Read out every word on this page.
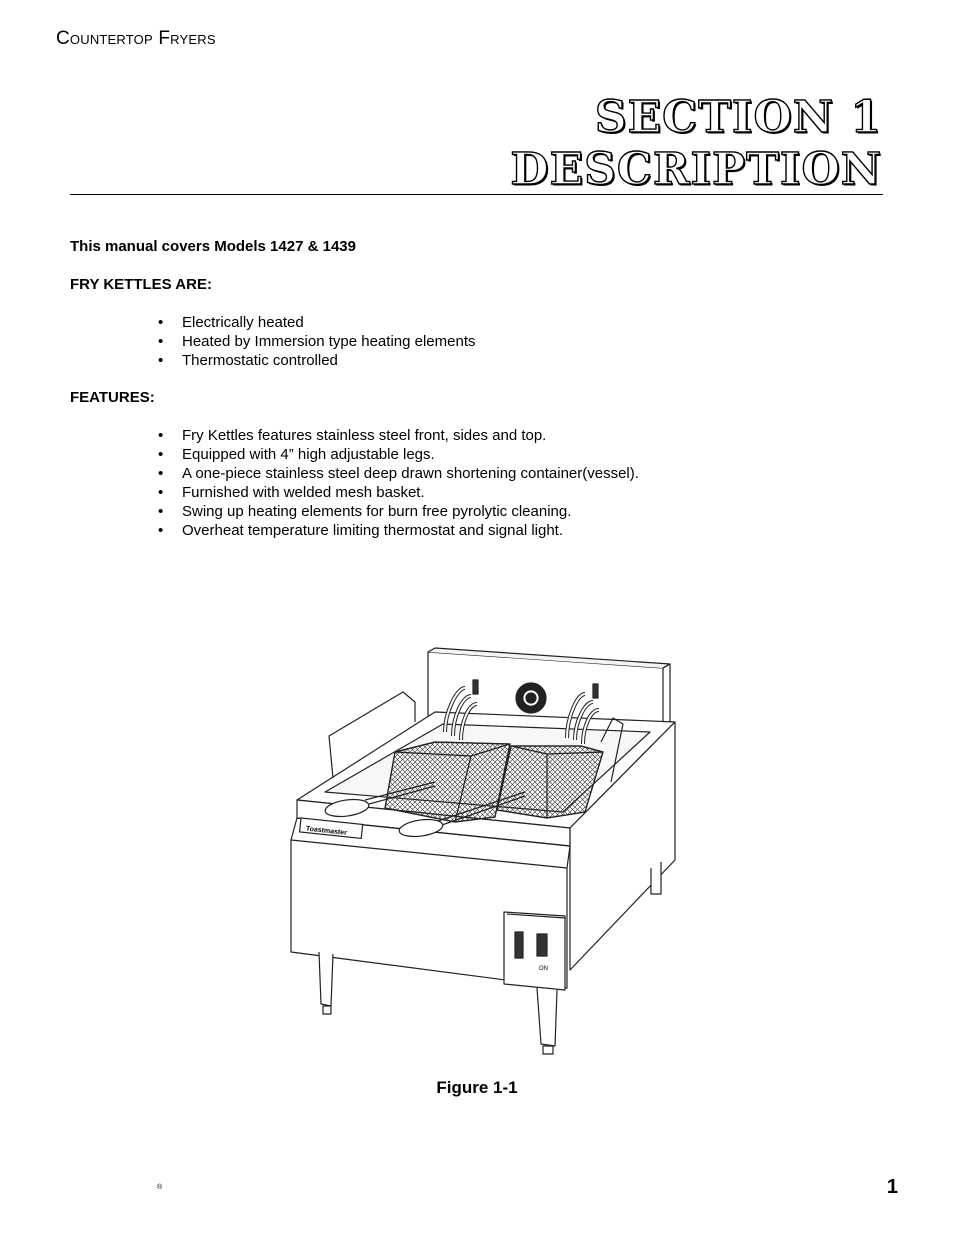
Countertop Fryers
SECTION 1
DESCRIPTION

This manual covers Models 1427 & 1439

FRY KETTLES ARE:

• Electrically heated
• Heated by Immersion type heating elements
• Thermostatic controlled

FEATURES:

• Fry Kettles features stainless steel front, sides and top.
• Equipped with 4” high adjustable legs.
• A one-piece stainless steel deep drawn shortening container(vessel).
• Furnished with welded mesh basket.
• Swing up heating elements for burn free pyrolytic cleaning.
• Overheat temperature limiting thermostat and signal light.
Toastmaster
ON
Figure 1-1
®	1
